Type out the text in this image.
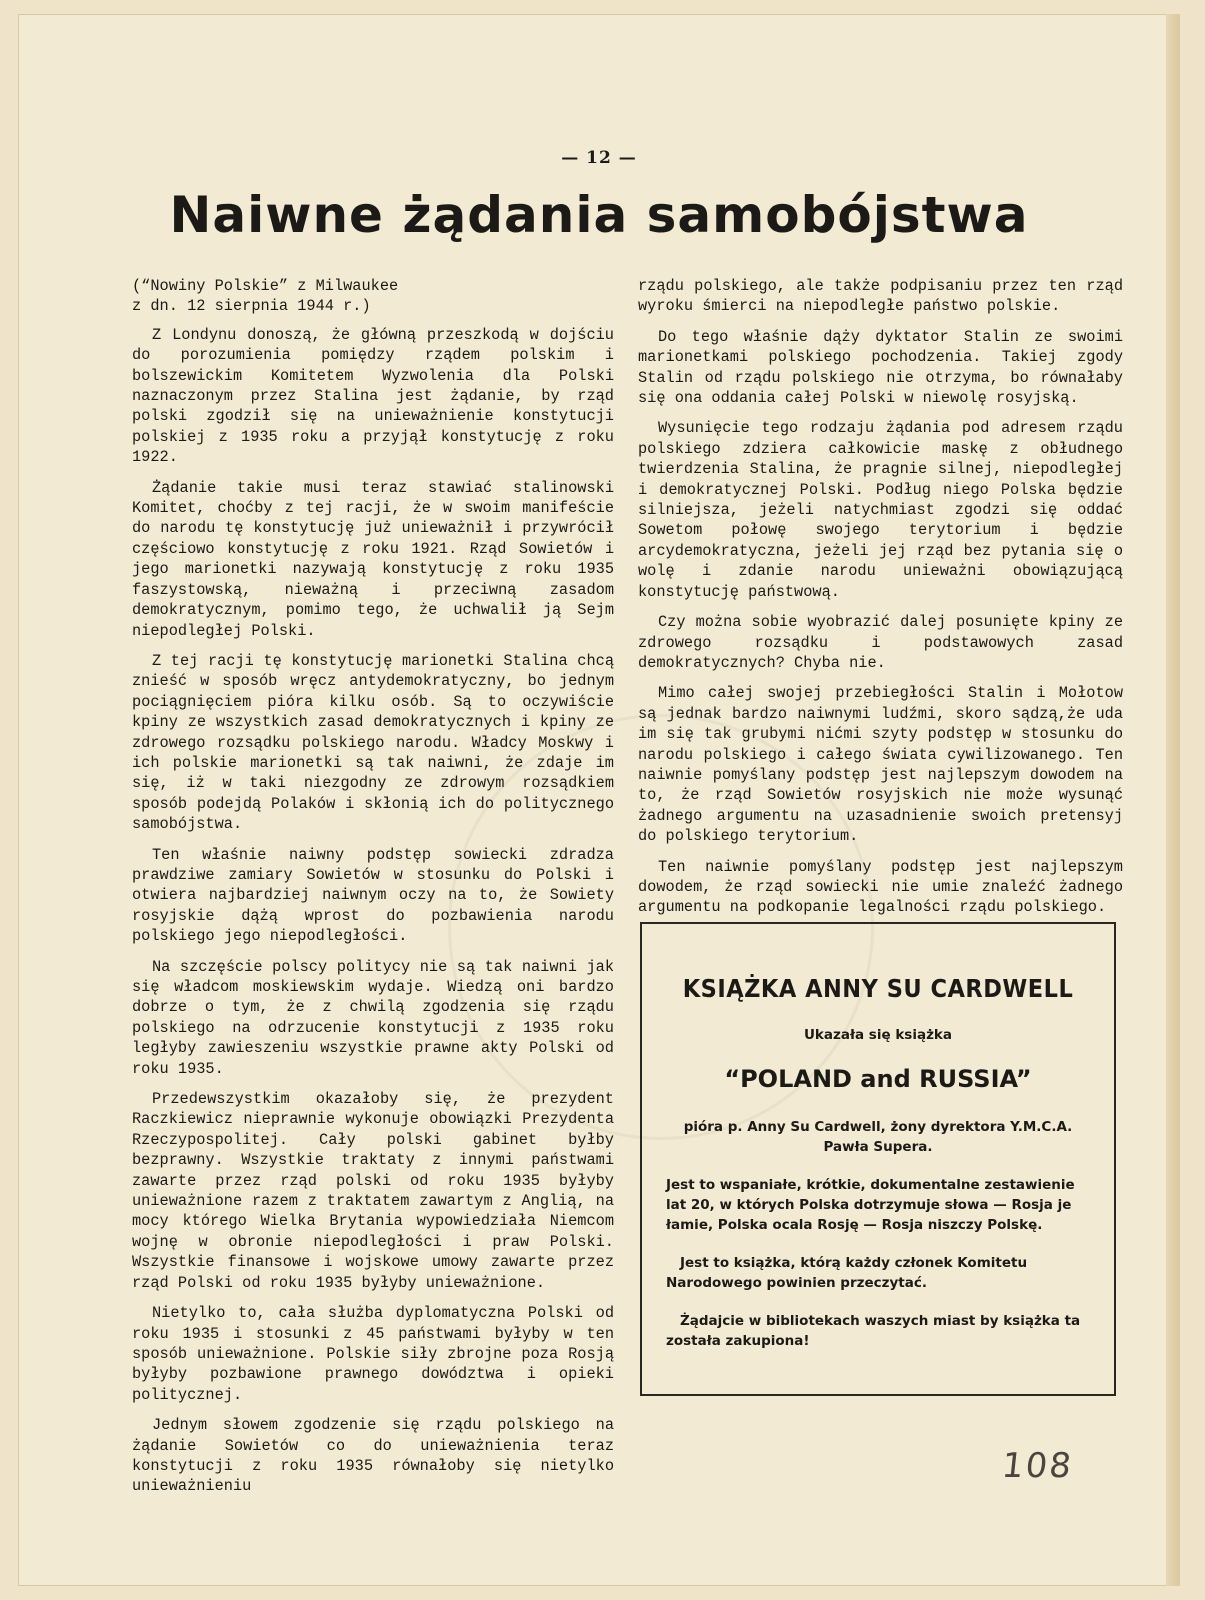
— 12 —
Naiwne żądania samobójstwa

(“Nowiny Polskie” z Milwaukee
z dn. 12 sierpnia 1944 r.)

Z Londynu donoszą, że główną przeszkodą w dojściu do porozumienia pomiędzy rządem polskim i bolszewickim Komitetem Wyzwolenia dla Polski naznaczonym przez Stalina jest żądanie, by rząd polski zgodził się na unieważnienie konstytucji polskiej z 1935 roku a przyjął konstytucję z roku 1922.

Żądanie takie musi teraz stawiać stalinowski Komitet, choćby z tej racji, że w swoim manifeście do narodu tę konstytucję już unieważnił i przywrócił częściowo konstytucję z roku 1921. Rząd Sowietów i jego marionetki nazywają konstytucję z roku 1935 faszystowską, nieważną i przeciwną zasadom demokratycznym, pomimo tego, że uchwalił ją Sejm niepodległej Polski.

Z tej racji tę konstytucję marionetki Stalina chcą znieść w sposób wręcz antydemokratyczny, bo jednym pociągnięciem pióra kilku osób. Są to oczywiście kpiny ze wszystkich zasad demokratycznych i kpiny ze zdrowego rozsądku polskiego narodu. Władcy Moskwy i ich polskie marionetki są tak naiwni, że zdaje im się, iż w taki niezgodny ze zdrowym rozsądkiem sposób podejdą Polaków i skłonią ich do politycznego samobójstwa.

Ten właśnie naiwny podstęp sowiecki zdradza prawdziwe zamiary Sowietów w stosunku do Polski i otwiera najbardziej naiwnym oczy na to, że Sowiety rosyjskie dążą wprost do pozbawienia narodu polskiego jego niepodległości.

Na szczęście polscy politycy nie są tak naiwni jak się władcom moskiewskim wydaje. Wiedzą oni bardzo dobrze o tym, że z chwilą zgodzenia się rządu polskiego na odrzucenie konstytucji z 1935 roku ległyby zawieszeniu wszystkie prawne akty Polski od roku 1935.

Przedewszystkim okazałoby się, że prezydent Raczkiewicz nieprawnie wykonuje obowiązki Prezydenta Rzeczypospolitej. Cały polski gabinet byłby bezprawny. Wszystkie traktaty z innymi państwami zawarte przez rząd polski od roku 1935 byłyby unieważnione razem z traktatem zawartym z Anglią, na mocy którego Wielka Brytania wypowiedziała Niemcom wojnę w obronie niepodległości i praw Polski. Wszystkie finansowe i wojskowe umowy zawarte przez rząd Polski od roku 1935 byłyby unieważnione.

Nietylko to, cała służba dyplomatyczna Polski od roku 1935 i stosunki z 45 państwami byłyby w ten sposób unieważnione. Polskie siły zbrojne poza Rosją byłyby pozbawione prawnego dowództwa i opieki politycznej.

Jednym słowem zgodzenie się rządu polskiego na żądanie Sowietów co do unieważnienia teraz konstytucji z roku 1935 równałoby się nietylko unieważnieniu

rządu polskiego, ale także podpisaniu przez ten rząd wyroku śmierci na niepodległe państwo polskie.

Do tego właśnie dąży dyktator Stalin ze swoimi marionetkami polskiego pochodzenia. Takiej zgody Stalin od rządu polskiego nie otrzyma, bo równałaby się ona oddania całej Polski w niewolę rosyjską.

Wysunięcie tego rodzaju żądania pod adresem rządu polskiego zdziera całkowicie maskę z obłudnego twierdzenia Stalina, że pragnie silnej, niepodległej i demokratycznej Polski. Podług niego Polska będzie silniejsza, jeżeli natychmiast zgodzi się oddać Sowetom połowę swojego terytorium i będzie arcydemokratyczna, jeżeli jej rząd bez pytania się o wolę i zdanie narodu unieważni obowiązującą konstytucję państwową.

Czy można sobie wyobrazić dalej posunięte kpiny ze zdrowego rozsądku i podstawowych zasad demokratycznych? Chyba nie.

Mimo całej swojej przebiegłości Stalin i Mołotow są jednak bardzo naiwnymi ludźmi, skoro sądzą,że uda im się tak grubymi nićmi szyty podstęp w stosunku do narodu polskiego i całego świata cywilizowanego. Ten naiwnie pomyślany podstęp jest najlepszym dowodem na to, że rząd Sowietów rosyjskich nie może wysunąć żadnego argumentu na uzasadnienie swoich pretensyj do polskiego terytorium.

Ten naiwnie pomyślany podstęp jest najlepszym dowodem, że rząd sowiecki nie umie znaleźć żadnego argumentu na podkopanie legalności rządu polskiego.

KSIĄŻKA ANNY SU CARDWELL
Ukazała się książka
“POLAND and RUSSIA”
pióra p. Anny Su Cardwell, żony dyrektora Y.M.C.A. Pawła Supera.
Jest to wspaniałe, krótkie, dokumentalne zestawienie lat 20, w których Polska dotrzymuje słowa — Rosja je łamie, Polska ocala Rosję — Rosja niszczy Polskę.
Jest to książka, którą każdy członek Komitetu Narodowego powinien przeczytać.
Żądajcie w bibliotekach waszych miast by książka ta została zakupiona!
108
